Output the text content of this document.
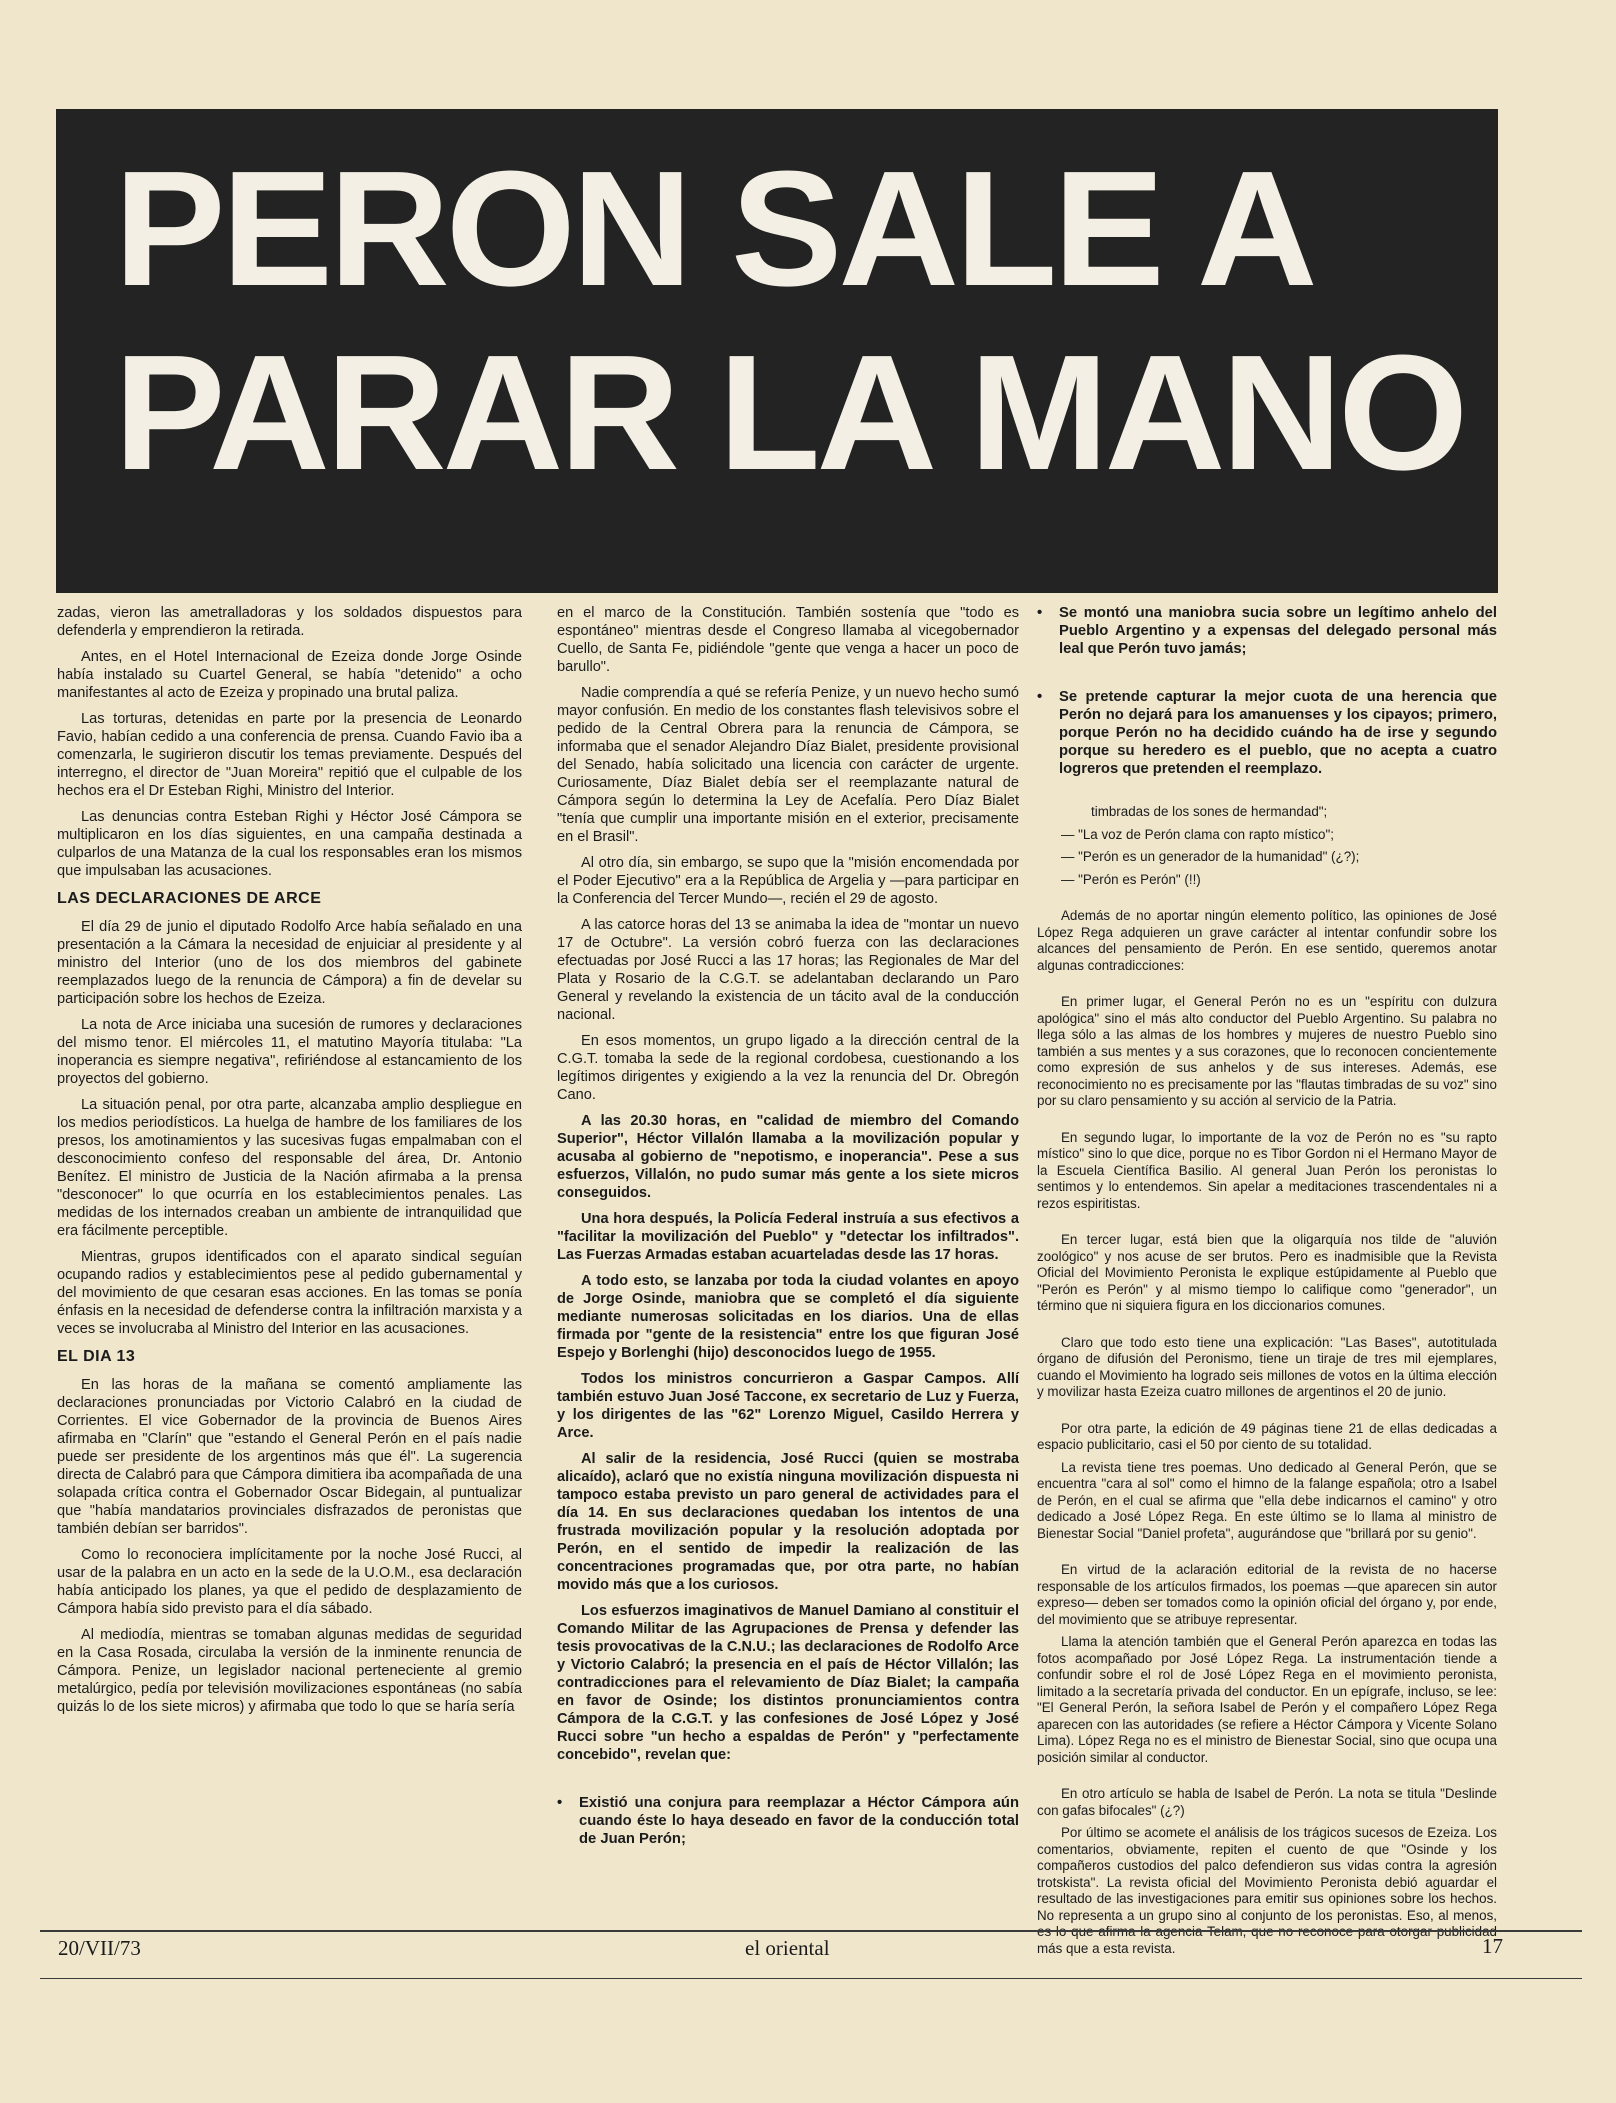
PERON SALE A
PARAR LA MANO

zadas, vieron las ametralladoras y los soldados dispuestos para defenderla y emprendieron la retirada.

Antes, en el Hotel Internacional de Ezeiza donde Jorge Osinde había instalado su Cuartel General, se había "detenido" a ocho manifestantes al acto de Ezeiza y propinado una brutal paliza.

Las torturas, detenidas en parte por la presencia de Leonardo Favio, habían cedido a una conferencia de prensa. Cuando Favio iba a comenzarla, le sugirieron discutir los temas previamente. Después del interregno, el director de "Juan Moreira" repitió que el culpable de los hechos era el Dr Esteban Righi, Ministro del Interior.

Las denuncias contra Esteban Righi y Héctor José Cámpora se multiplicaron en los días siguientes, en una campaña destinada a culparlos de una Matanza de la cual los responsables eran los mismos que impulsaban las acusaciones.

LAS DECLARACIONES DE ARCE

El día 29 de junio el diputado Rodolfo Arce había señalado en una presentación a la Cámara la necesidad de enjuiciar al presidente y al ministro del Interior (uno de los dos miembros del gabinete reemplazados luego de la renuncia de Cámpora) a fin de develar su participación sobre los hechos de Ezeiza.

La nota de Arce iniciaba una sucesión de rumores y declaraciones del mismo tenor. El miércoles 11, el matutino Mayoría titulaba: "La inoperancia es siempre negativa", refiriéndose al estancamiento de los proyectos del gobierno.

La situación penal, por otra parte, alcanzaba amplio despliegue en los medios periodísticos. La huelga de hambre de los familiares de los presos, los amotinamientos y las sucesivas fugas empalmaban con el desconocimiento confeso del responsable del área, Dr. Antonio Benítez. El ministro de Justicia de la Nación afirmaba a la prensa "desconocer" lo que ocurría en los establecimientos penales. Las medidas de los internados creaban un ambiente de intranquilidad que era fácilmente perceptible.

Mientras, grupos identificados con el aparato sindical seguían ocupando radios y establecimientos pese al pedido gubernamental y del movimiento de que cesaran esas acciones. En las tomas se ponía énfasis en la necesidad de defenderse contra la infiltración marxista y a veces se involucraba al Ministro del Interior en las acusaciones.

EL DIA 13

En las horas de la mañana se comentó ampliamente las declaraciones pronunciadas por Victorio Calabró en la ciudad de Corrientes. El vice Gobernador de la provincia de Buenos Aires afirmaba en "Clarín" que "estando el General Perón en el país nadie puede ser presidente de los argentinos más que él". La sugerencia directa de Calabró para que Cámpora dimitiera iba acompañada de una solapada crítica contra el Gobernador Oscar Bidegain, al puntualizar que "había mandatarios provinciales disfrazados de peronistas que también debían ser barridos".

Como lo reconociera implícitamente por la noche José Rucci, al usar de la palabra en un acto en la sede de la U.O.M., esa declaración había anticipado los planes, ya que el pedido de desplazamiento de Cámpora había sido previsto para el día sábado.

Al mediodía, mientras se tomaban algunas medidas de seguridad en la Casa Rosada, circulaba la versión de la inminente renuncia de Cámpora. Penize, un legislador nacional perteneciente al gremio metalúrgico, pedía por televisión movilizaciones espontáneas (no sabía quizás lo de los siete micros) y afirmaba que todo lo que se haría sería

en el marco de la Constitución. También sostenía que "todo es espontáneo" mientras desde el Congreso llamaba al vicegobernador Cuello, de Santa Fe, pidiéndole "gente que venga a hacer un poco de barullo".

Nadie comprendía a qué se refería Penize, y un nuevo hecho sumó mayor confusión. En medio de los constantes flash televisivos sobre el pedido de la Central Obrera para la renuncia de Cámpora, se informaba que el senador Alejandro Díaz Bialet, presidente provisional del Senado, había solicitado una licencia con carácter de urgente. Curiosamente, Díaz Bialet debía ser el reemplazante natural de Cámpora según lo determina la Ley de Acefalía. Pero Díaz Bialet "tenía que cumplir una importante misión en el exterior, precisamente en el Brasil".

Al otro día, sin embargo, se supo que la "misión encomendada por el Poder Ejecutivo" era a la República de Argelia y —para participar en la Conferencia del Tercer Mundo—, recién el 29 de agosto.

A las catorce horas del 13 se animaba la idea de "montar un nuevo 17 de Octubre". La versión cobró fuerza con las declaraciones efectuadas por José Rucci a las 17 horas; las Regionales de Mar del Plata y Rosario de la C.G.T. se adelantaban declarando un Paro General y revelando la existencia de un tácito aval de la conducción nacional.

En esos momentos, un grupo ligado a la dirección central de la C.G.T. tomaba la sede de la regional cordobesa, cuestionando a los legítimos dirigentes y exigiendo a la vez la renuncia del Dr. Obregón Cano.

A las 20.30 horas, en "calidad de miembro del Comando Superior", Héctor Villalón llamaba a la movilización popular y acusaba al gobierno de "nepotismo, e inoperancia". Pese a sus esfuerzos, Villalón, no pudo sumar más gente a los siete micros conseguidos.

Una hora después, la Policía Federal instruía a sus efectivos a "facilitar la movilización del Pueblo" y "detectar los infiltrados". Las Fuerzas Armadas estaban acuarteladas desde las 17 horas.

A todo esto, se lanzaba por toda la ciudad volantes en apoyo de Jorge Osinde, maniobra que se completó el día siguiente mediante numerosas solicitadas en los diarios. Una de ellas firmada por "gente de la resistencia" entre los que figuran José Espejo y Borlenghi (hijo) desconocidos luego de 1955.

Todos los ministros concurrieron a Gaspar Campos. Allí también estuvo Juan José Taccone, ex secretario de Luz y Fuerza, y los dirigentes de las "62" Lorenzo Miguel, Casildo Herrera y Arce.

Al salir de la residencia, José Rucci (quien se mostraba alicaído), aclaró que no existía ninguna movilización dispuesta ni tampoco estaba previsto un paro general de actividades para el día 14. En sus declaraciones quedaban los intentos de una frustrada movilización popular y la resolución adoptada por Perón, en el sentido de impedir la realización de las concentraciones programadas que, por otra parte, no habían movido más que a los curiosos.

Los esfuerzos imaginativos de Manuel Damiano al constituir el Comando Militar de las Agrupaciones de Prensa y defender las tesis provocativas de la C.N.U.; las declaraciones de Rodolfo Arce y Victorio Calabró; la presencia en el país de Héctor Villalón; las contradicciones para el relevamiento de Díaz Bialet; la campaña en favor de Osinde; los distintos pronunciamientos contra Cámpora de la C.G.T. y las confesiones de José López y José Rucci sobre "un hecho a espaldas de Perón" y "perfectamente concebido", revelan que:

• Existió una conjura para reemplazar a Héctor Cámpora aún cuando éste lo haya deseado en favor de la conducción total de Juan Perón;
• Se montó una maniobra sucia sobre un legítimo anhelo del Pueblo Argentino y a expensas del delegado personal más leal que Perón tuvo jamás;
• Se pretende capturar la mejor cuota de una herencia que Perón no dejará para los amanuenses y los cipayos; primero, porque Perón no ha decidido cuándo ha de irse y segundo porque su heredero es el pueblo, que no acepta a cuatro logreros que pretenden el reemplazo.

timbradas de los sones de hermandad";

— "La voz de Perón clama con rapto místico";

— "Perón es un generador de la humanidad" (¿?);

— "Perón es Perón" (!!)

Además de no aportar ningún elemento político, las opiniones de José López Rega adquieren un grave carácter al intentar confundir sobre los alcances del pensamiento de Perón. En ese sentido, queremos anotar algunas contradicciones:

En primer lugar, el General Perón no es un "espíritu con dulzura apológica" sino el más alto conductor del Pueblo Argentino. Su palabra no llega sólo a las almas de los hombres y mujeres de nuestro Pueblo sino también a sus mentes y a sus corazones, que lo reconocen concientemente como expresión de sus anhelos y de sus intereses. Además, ese reconocimiento no es precisamente por las "flautas timbradas de su voz" sino por su claro pensamiento y su acción al servicio de la Patria.

En segundo lugar, lo importante de la voz de Perón no es "su rapto místico" sino lo que dice, porque no es Tibor Gordon ni el Hermano Mayor de la Escuela Científica Basilio. Al general Juan Perón los peronistas lo sentimos y lo entendemos. Sin apelar a meditaciones trascendentales ni a rezos espiritistas.

En tercer lugar, está bien que la oligarquía nos tilde de "aluvión zoológico" y nos acuse de ser brutos. Pero es inadmisible que la Revista Oficial del Movimiento Peronista le explique estúpidamente al Pueblo que "Perón es Perón" y al mismo tiempo lo califique como "generador", un término que ni siquiera figura en los diccionarios comunes.

Claro que todo esto tiene una explicación: "Las Bases", autotitulada órgano de difusión del Peronismo, tiene un tiraje de tres mil ejemplares, cuando el Movimiento ha logrado seis millones de votos en la última elección y movilizar hasta Ezeiza cuatro millones de argentinos el 20 de junio.

Por otra parte, la edición de 49 páginas tiene 21 de ellas dedicadas a espacio publicitario, casi el 50 por ciento de su totalidad.

La revista tiene tres poemas. Uno dedicado al General Perón, que se encuentra "cara al sol" como el himno de la falange española; otro a Isabel de Perón, en el cual se afirma que "ella debe indicarnos el camino" y otro dedicado a José López Rega. En este último se lo llama al ministro de Bienestar Social "Daniel profeta", augurándose que "brillará por su genio".

En virtud de la aclaración editorial de la revista de no hacerse responsable de los artículos firmados, los poemas —que aparecen sin autor expreso— deben ser tomados como la opinión oficial del órgano y, por ende, del movimiento que se atribuye representar.

Llama la atención también que el General Perón aparezca en todas las fotos acompañado por José López Rega. La instrumentación tiende a confundir sobre el rol de José López Rega en el movimiento peronista, limitado a la secretaría privada del conductor. En un epígrafe, incluso, se lee: "El General Perón, la señora Isabel de Perón y el compañero López Rega aparecen con las autoridades (se refiere a Héctor Cámpora y Vicente Solano Lima). López Rega no es el ministro de Bienestar Social, sino que ocupa una posición similar al conductor.

En otro artículo se habla de Isabel de Perón. La nota se titula "Deslinde con gafas bifocales" (¿?)

Por último se acomete el análisis de los trágicos sucesos de Ezeiza. Los comentarios, obviamente, repiten el cuento de que "Osinde y los compañeros custodios del palco defendieron sus vidas contra la agresión trotskista". La revista oficial del Movimiento Peronista debió aguardar el resultado de las investigaciones para emitir sus opiniones sobre los hechos. No representa a un grupo sino al conjunto de los peronistas. Eso, al menos, más que a esta revista.

20/VII/73	el oriental	17
